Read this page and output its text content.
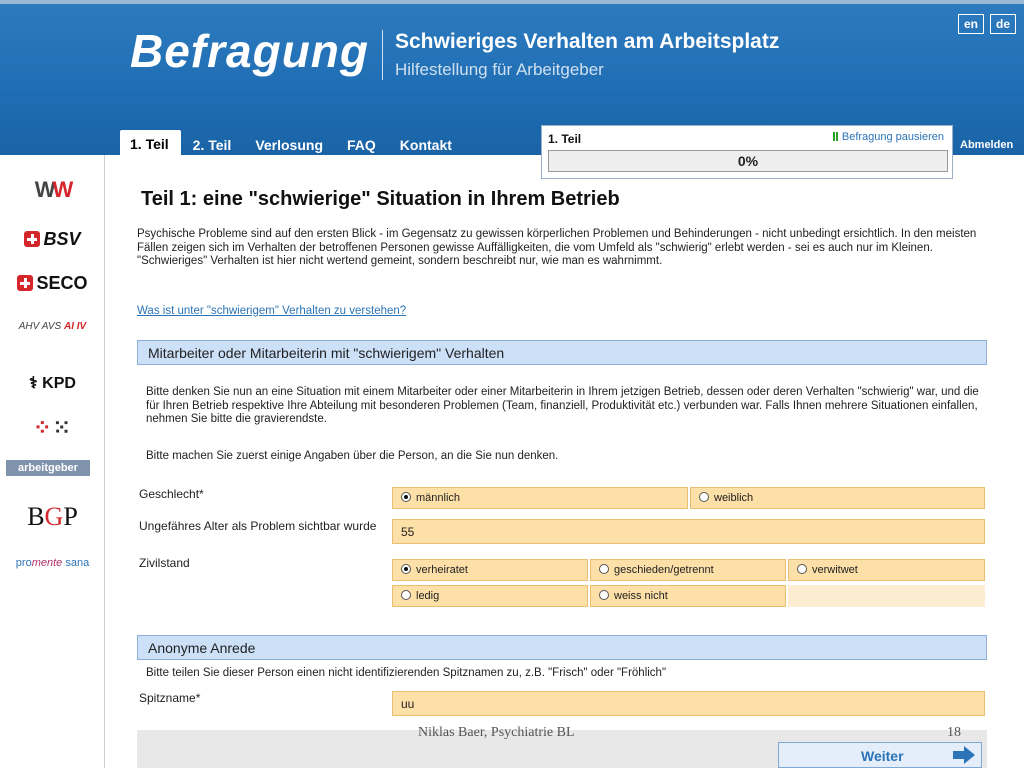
Befragung Schwieriges Verhalten am Arbeitsplatz
Hilfestellung für Arbeitgeber
en	de
1. Teil	2. Teil	Verlosung	FAQ	Kontakt	Abmelden
1. Teil	Befragung pausieren
0%
WW
BSV
SECO
AHV AVS AI IV
⚕ KPD
⁘⁙
arbeitgeber
BGP
promente sana
Teil 1: eine "schwierige" Situation in Ihrem Betrieb
Psychische Probleme sind auf den ersten Blick - im Gegensatz zu gewissen körperlichen Problemen und Behinderungen - nicht unbedingt ersichtlich. In den meisten Fällen zeigen sich im Verhalten der betroffenen Personen gewisse Auffälligkeiten, die vom Umfeld als "schwierig" erlebt werden - sei es auch nur im Kleinen. "Schwieriges" Verhalten ist hier nicht wertend gemeint, sondern beschreibt nur, wie man es wahrnimmt.
Was ist unter "schwierigem" Verhalten zu verstehen?
Mitarbeiter oder Mitarbeiterin mit "schwierigem" Verhalten
Bitte denken Sie nun an eine Situation mit einem Mitarbeiter oder einer Mitarbeiterin in Ihrem jetzigen Betrieb, dessen oder deren Verhalten "schwierig" war, und die für Ihren Betrieb respektive Ihre Abteilung mit besonderen Problemen (Team, finanziell, Produktivität etc.) verbunden war. Falls Ihnen mehrere Situationen einfallen, nehmen Sie bitte die gravierendste.
Bitte machen Sie zuerst einige Angaben über die Person, an die Sie nun denken.
Geschlecht*	männlich	weiblich
Ungefähres Alter als Problem sichtbar wurde	55
Zivilstand	verheiratet	geschieden/getrennt	verwitwet
ledig	weiss nicht
Anonyme Anrede
Bitte teilen Sie dieser Person einen nicht identifizierenden Spitznamen zu, z.B. "Frisch" oder "Fröhlich"
Spitzname*	uu
Niklas Baer, Psychiatrie BL	18
Weiter
